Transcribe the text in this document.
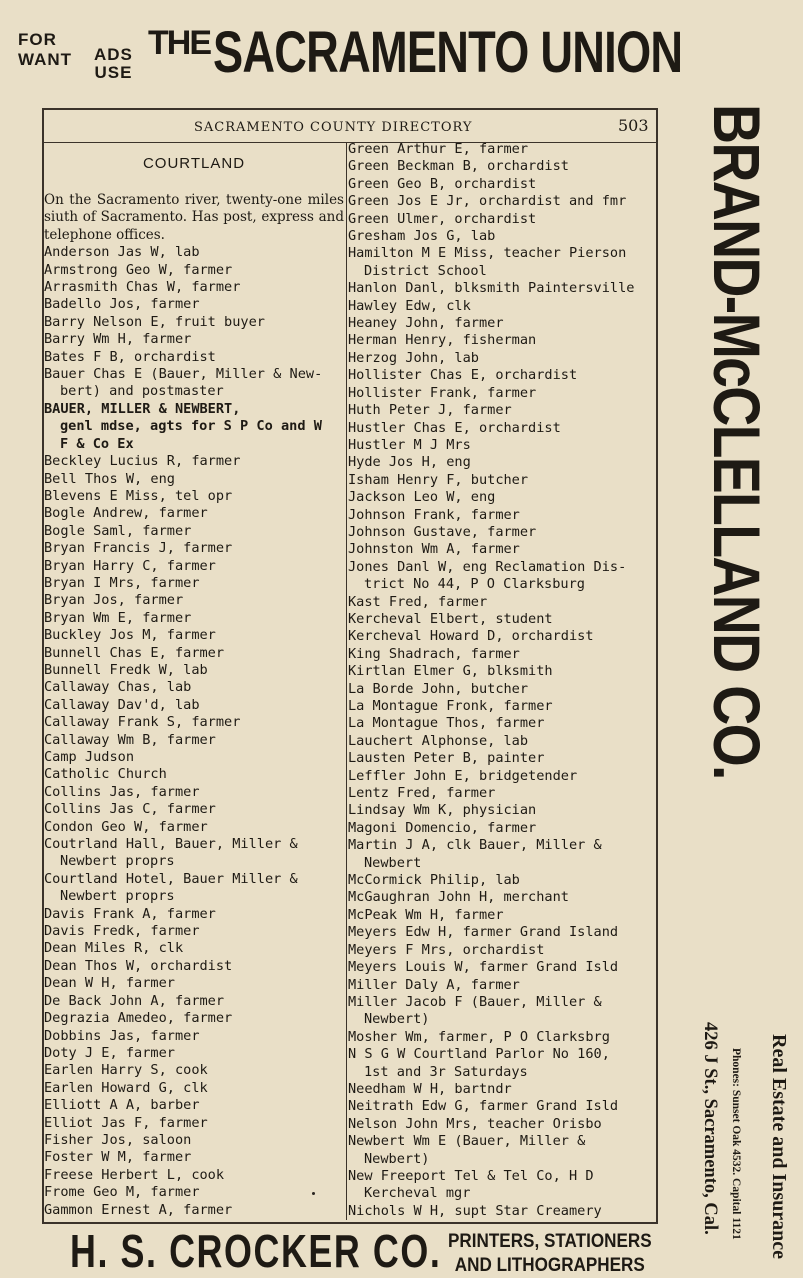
FOR
WANT ADS
USE
THE SACRAMENTO UNION
SACRAMENTO COUNTY DIRECTORY	503
COURTLAND

On the Sacramento river, twenty-one miles siuth of Sacramento. Has post, express and telephone offices.

Anderson Jas W, lab
Armstrong Geo W, farmer
Arrasmith Chas W, farmer
Badello Jos, farmer
Barry Nelson E, fruit buyer
Barry Wm H, farmer
Bates F B, orchardist
Bauer Chas E (Bauer, Miller & New-
bert) and postmaster
BAUER, MILLER & NEWBERT,
genl mdse, agts for S P Co and W
F & Co Ex
Beckley Lucius R, farmer
Bell Thos W, eng
Blevens E Miss, tel opr
Bogle Andrew, farmer
Bogle Saml, farmer
Bryan Francis J, farmer
Bryan Harry C, farmer
Bryan I Mrs, farmer
Bryan Jos, farmer
Bryan Wm E, farmer
Buckley Jos M, farmer
Bunnell Chas E, farmer
Bunnell Fredk W, lab
Callaway Chas, lab
Callaway Dav'd, lab
Callaway Frank S, farmer
Callaway Wm B, farmer
Camp Judson
Catholic Church
Collins Jas, farmer
Collins Jas C, farmer
Condon Geo W, farmer
Coutrland Hall, Bauer, Miller &
Newbert proprs
Courtland Hotel, Bauer Miller &
Newbert proprs
Davis Frank A, farmer
Davis Fredk, farmer
Dean Miles R, clk
Dean Thos W, orchardist
Dean W H, farmer
De Back John A, farmer
Degrazia Amedeo, farmer
Dobbins Jas, farmer
Doty J E, farmer
Earlen Harry S, cook
Earlen Howard G, clk
Elliott A A, barber
Elliot Jas F, farmer
Fisher Jos, saloon
Foster W M, farmer
Freese Herbert L, cook
Frome Geo M, farmer
Gammon Ernest A, farmer
Green Arthur E, farmer
Green Beckman B, orchardist
Green Geo B, orchardist
Green Jos E Jr, orchardist and fmr
Green Ulmer, orchardist
Gresham Jos G, lab
Hamilton M E Miss, teacher Pierson
District School
Hanlon Danl, blksmith Paintersville
Hawley Edw, clk
Heaney John, farmer
Herman Henry, fisherman
Herzog John, lab
Hollister Chas E, orchardist
Hollister Frank, farmer
Huth Peter J, farmer
Hustler Chas E, orchardist
Hustler M J Mrs
Hyde Jos H, eng
Isham Henry F, butcher
Jackson Leo W, eng
Johnson Frank, farmer
Johnson Gustave, farmer
Johnston Wm A, farmer
Jones Danl W, eng Reclamation Dis-
trict No 44, P O Clarksburg
Kast Fred, farmer
Kercheval Elbert, student
Kercheval Howard D, orchardist
King Shadrach, farmer
Kirtlan Elmer G, blksmith
La Borde John, butcher
La Montague Fronk, farmer
La Montague Thos, farmer
Lauchert Alphonse, lab
Lausten Peter B, painter
Leffler John E, bridgetender
Lentz Fred, farmer
Lindsay Wm K, physician
Magoni Domencio, farmer
Martin J A, clk Bauer, Miller &
Newbert
McCormick Philip, lab
McGaughran John H, merchant
McPeak Wm H, farmer
Meyers Edw H, farmer Grand Island
Meyers F Mrs, orchardist
Meyers Louis W, farmer Grand Isld
Miller Daly A, farmer
Miller Jacob F (Bauer, Miller &
Newbert)
Mosher Wm, farmer, P O Clarksbrg
N S G W Courtland Parlor No 160,
1st and 3r Saturdays
Needham W H, bartndr
Neitrath Edw G, farmer Grand Isld
Nelson John Mrs, teacher Orisbo
Newbert Wm E (Bauer, Miller &
Newbert)
New Freeport Tel & Tel Co, H D
Kercheval mgr
Nichols W H, supt Star Creamery
BRAND-McCLELLAND CO.
Real Estate and Insurance
Phones: Sunset Oak 4532. Capital 1121
426 J St., Sacramento, Cal.
H. S. CROCKER CO. PRINTERS, STATIONERS
AND LITHOGRAPHERS
